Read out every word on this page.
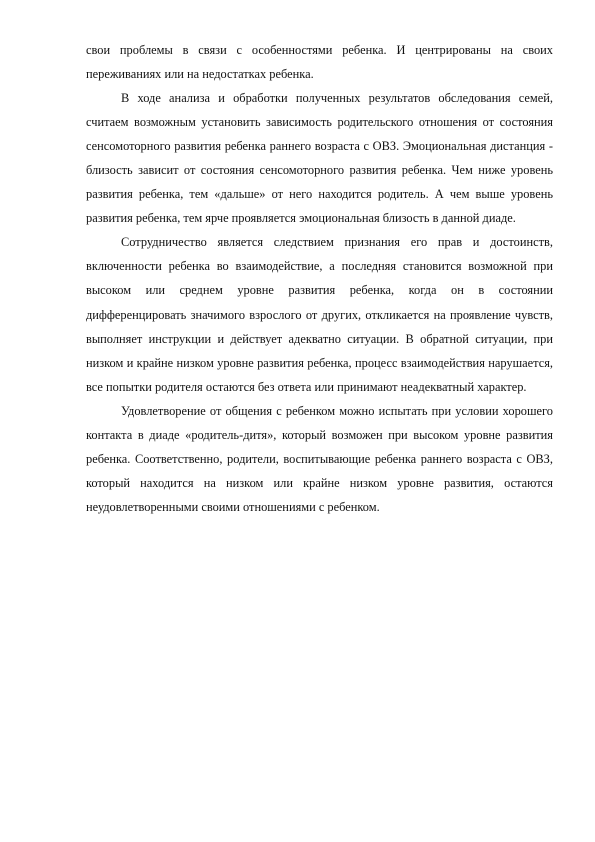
свои проблемы в связи с особенностями ребенка. И центрированы на своих переживаниях или на недостатках ребенка.

В ходе анализа и обработки полученных результатов обследования семей, считаем возможным установить зависимость родительского отношения от состояния сенсомоторного развития ребенка раннего возраста с ОВЗ. Эмоциональная дистанция - близость зависит от состояния сенсомоторного развития ребенка. Чем ниже уровень развития ребенка, тем «дальше» от него находится родитель. А чем выше уровень развития ребенка, тем ярче проявляется эмоциональная близость в данной диаде.

Сотрудничество является следствием признания его прав и достоинств, включенности ребенка во взаимодействие, а последняя становится возможной при высоком или среднем уровне развития ребенка, когда он в состоянии дифференцировать значимого взрослого от других, откликается на проявление чувств, выполняет инструкции и действует адекватно ситуации. В обратной ситуации, при низком и крайне низком уровне развития ребенка, процесс взаимодействия нарушается, все попытки родителя остаются без ответа или принимают неадекватный характер.

Удовлетворение от общения с ребенком можно испытать при условии хорошего контакта в диаде «родитель-дитя», который возможен при высоком уровне развития ребенка. Соответственно, родители, воспитывающие ребенка раннего возраста с ОВЗ, который находится на низком или крайне низком уровне развития, остаются неудовлетворенными своими отношениями с ребенком.
